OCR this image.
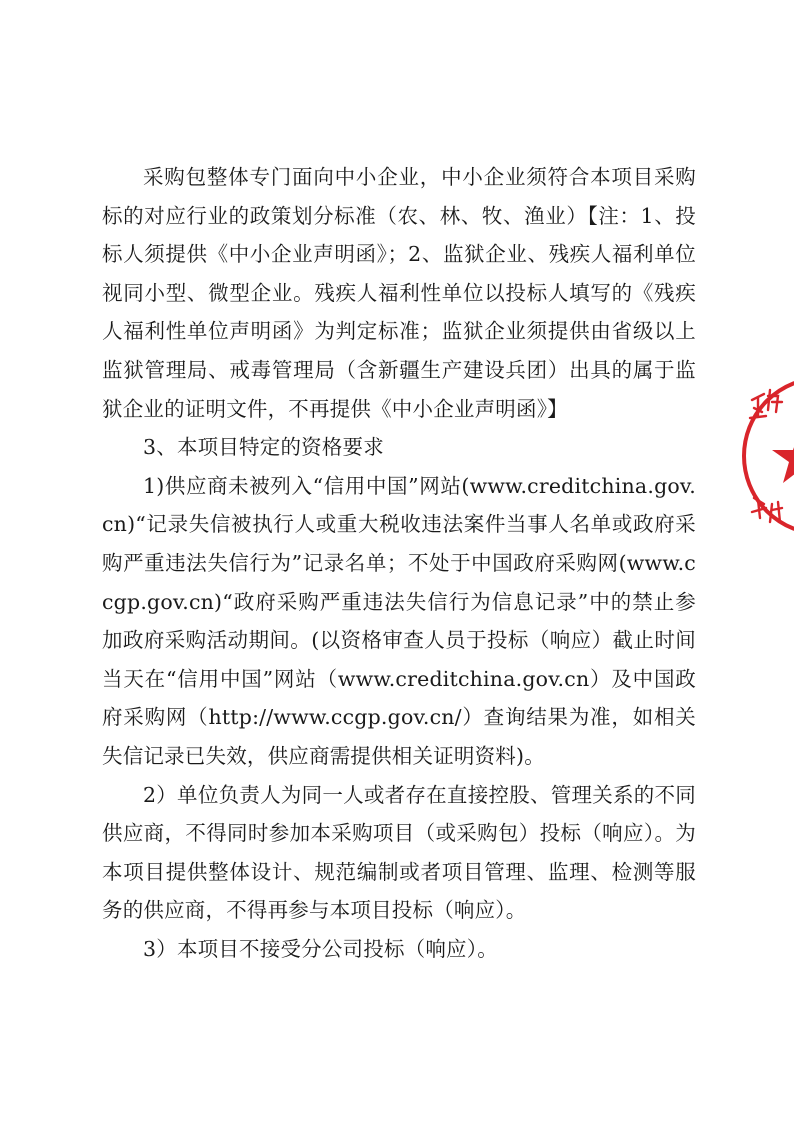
采购包整体专门面向中小企业，中小企业须符合本项目采购标的对应行业的政策划分标准（农、林、牧、渔业）【注：1、投标人须提供《中小企业声明函》；2、监狱企业、残疾人福利单位视同小型、微型企业。残疾人福利性单位以投标人填写的《残疾人福利性单位声明函》为判定标准；监狱企业须提供由省级以上监狱管理局、戒毒管理局（含新疆生产建设兵团）出具的属于监狱企业的证明文件，不再提供《中小企业声明函》】

3、本项目特定的资格要求

1)供应商未被列入“信用中国”网站(www.creditchina.gov.cn)“记录失信被执行人或重大税收违法案件当事人名单或政府采购严重违法失信行为”记录名单；不处于中国政府采购网(www.ccgp.gov.cn)“政府采购严重违法失信行为信息记录”中的禁止参加政府采购活动期间。(以资格审查人员于投标（响应）截止时间当天在“信用中国”网站（www.creditchina.gov.cn）及中国政府采购网（http://www.ccgp.gov.cn/）查询结果为准，如相关失信记录已失效，供应商需提供相关证明资料)。

2）单位负责人为同一人或者存在直接控股、管理关系的不同供应商，不得同时参加本采购项目（或采购包）投标（响应）。为本项目提供整体设计、规范编制或者项目管理、监理、检测等服务的供应商，不得再参与本项目投标（响应）。

3）本项目不接受分公司投标（响应）。
